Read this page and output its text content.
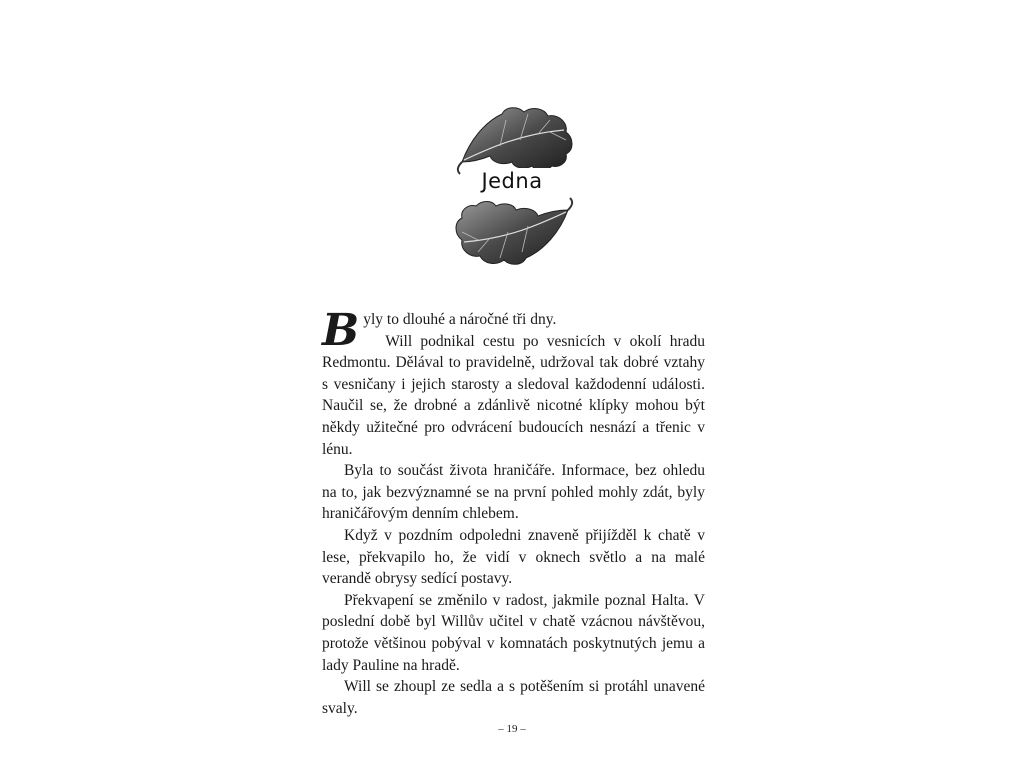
Jedna

Byly to dlouhé a náročné tři dny.

Will podnikal cestu po vesnicích v okolí hradu Redmontu. Dělával to pravidelně, udržoval tak dobré vztahy s vesničany i jejich starosty a sledoval každodenní události. Naučil se, že drobné a zdánlivě nicotné klípky mohou být někdy užitečné pro odvrácení budoucích nesnází a třenic v lénu.

Byla to součást života hraničáře. Informace, bez ohledu na to, jak bezvýznamné se na první pohled mohly zdát, byly hraničářovým denním chlebem.

Když v pozdním odpoledni znaveně přijížděl k chatě v lese, překvapilo ho, že vidí v oknech světlo a na malé verandě obrysy sedící postavy.

Překvapení se změnilo v radost, jakmile poznal Halta. V poslední době byl Willův učitel v chatě vzácnou návštěvou, protože většinou pobýval v komnatách poskytnutých jemu a lady Pauline na hradě.

Will se zhoupl ze sedla a s potěšením si protáhl unavené svaly.

– 19 –
